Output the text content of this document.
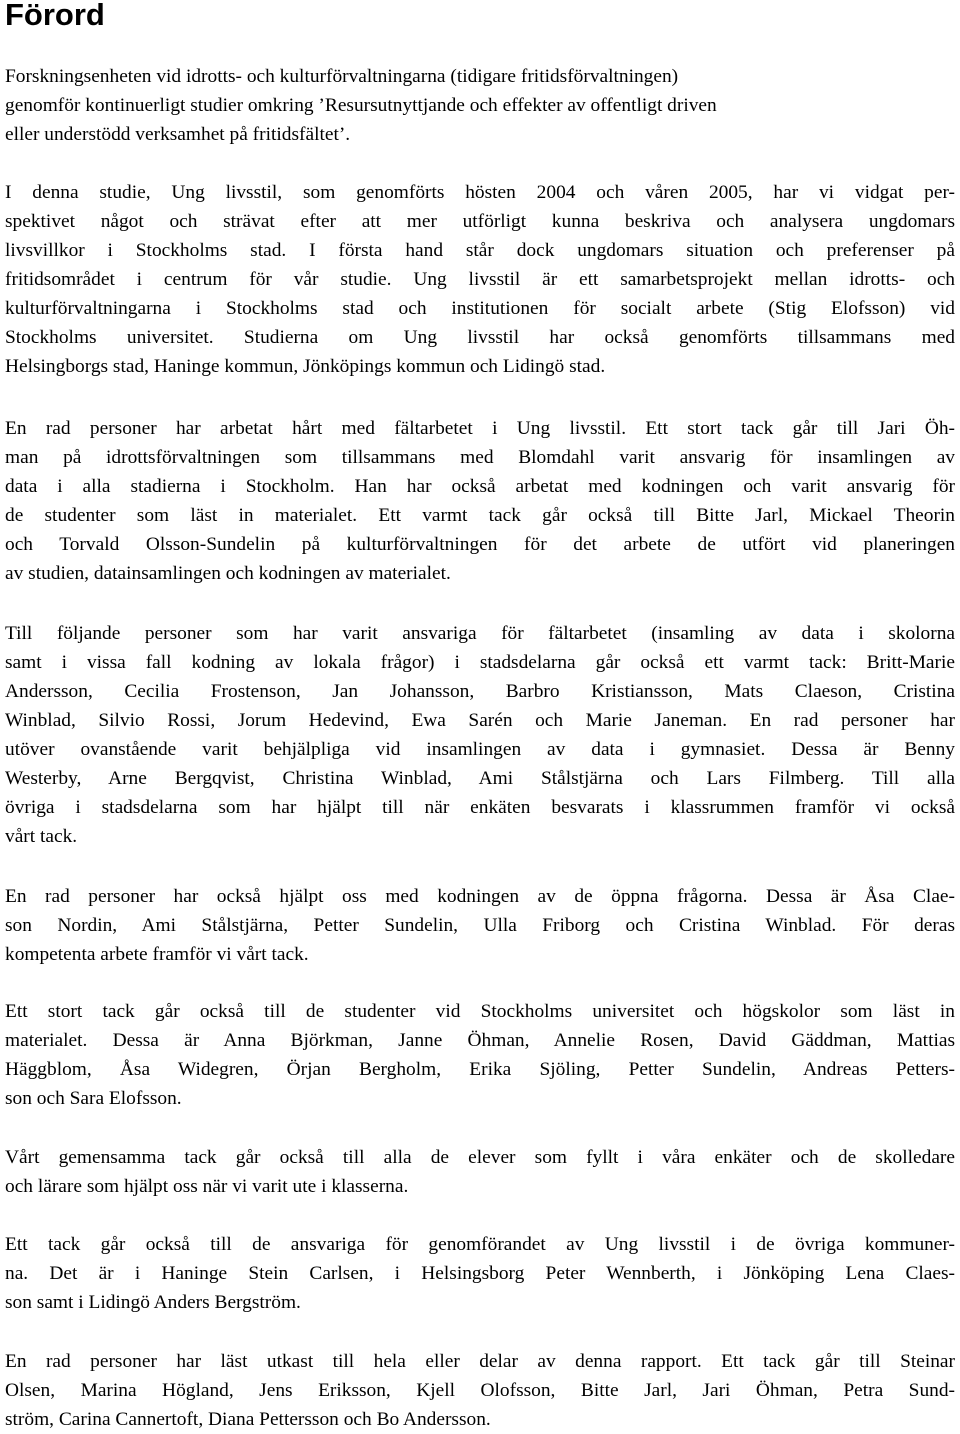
Förord
Forskningsenheten vid idrotts- och kulturförvaltningarna (tidigare fritidsförvaltningen)
genomför kontinuerligt studier omkring ’Resursutnyttjande och effekter av offentligt driven
eller understödd verksamhet på fritidsfältet’.
I denna studie, Ung livsstil, som genomförts hösten 2004 och våren 2005, har vi vidgat per-
spektivet något och strävat efter att mer utförligt kunna beskriva och analysera ungdomars
livsvillkor i Stockholms stad. I första hand står dock ungdomars situation och preferenser på
fritidsområdet i centrum för vår studie. Ung livsstil är ett samarbetsprojekt mellan idrotts- och
kulturförvaltningarna i Stockholms stad och institutionen för socialt arbete (Stig Elofsson) vid
Stockholms universitet. Studierna om Ung livsstil har också genomförts tillsammans med
Helsingborgs stad, Haninge kommun, Jönköpings kommun och Lidingö stad.
En rad personer har arbetat hårt med fältarbetet i Ung livsstil. Ett stort tack går till Jari Öh-
man på idrottsförvaltningen som tillsammans med Blomdahl varit ansvarig för insamlingen av
data i alla stadierna i Stockholm. Han har också arbetat med kodningen och varit ansvarig för
de studenter som läst in materialet. Ett varmt tack går också till Bitte Jarl, Mickael Theorin
och Torvald Olsson-Sundelin på kulturförvaltningen för det arbete de utfört vid planeringen
av studien, datainsamlingen och kodningen av materialet.
Till följande personer som har varit ansvariga för fältarbetet (insamling av data i skolorna
samt i vissa fall kodning av lokala frågor) i stadsdelarna går också ett varmt tack: Britt-Marie
Andersson, Cecilia Frostenson, Jan Johansson, Barbro Kristiansson, Mats Claeson, Cristina
Winblad, Silvio Rossi, Jorum Hedevind, Ewa Sarén och Marie Janeman. En rad personer har
utöver ovanstående varit behjälpliga vid insamlingen av data i gymnasiet. Dessa är Benny
Westerby, Arne Bergqvist, Christina Winblad, Ami Stålstjärna och Lars Filmberg. Till alla
övriga i stadsdelarna som har hjälpt till när enkäten besvarats i klassrummen framför vi också
vårt tack.
En rad personer har också hjälpt oss med kodningen av de öppna frågorna. Dessa är Åsa Clae-
son Nordin, Ami Stålstjärna, Petter Sundelin, Ulla Friborg och Cristina Winblad. För deras
kompetenta arbete framför vi vårt tack.
Ett stort tack går också till de studenter vid Stockholms universitet och högskolor som läst in
materialet. Dessa är Anna Björkman, Janne Öhman, Annelie Rosen, David Gäddman, Mattias
Häggblom, Åsa Widegren, Örjan Bergholm, Erika Sjöling, Petter Sundelin, Andreas Petters-
son och Sara Elofsson.
Vårt gemensamma tack går också till alla de elever som fyllt i våra enkäter och de skolledare
och lärare som hjälpt oss när vi varit ute i klasserna.
Ett tack går också till de ansvariga för genomförandet av Ung livsstil i de övriga kommuner-
na. Det är i Haninge Stein Carlsen, i Helsingsborg Peter Wennberth, i Jönköping Lena Claes-
son samt i Lidingö Anders Bergström.
En rad personer har läst utkast till hela eller delar av denna rapport. Ett tack går till Steinar
Olsen, Marina Högland, Jens Eriksson, Kjell Olofsson, Bitte Jarl, Jari Öhman, Petra Sund-
ström, Carina Cannertoft, Diana Pettersson och Bo Andersson.
